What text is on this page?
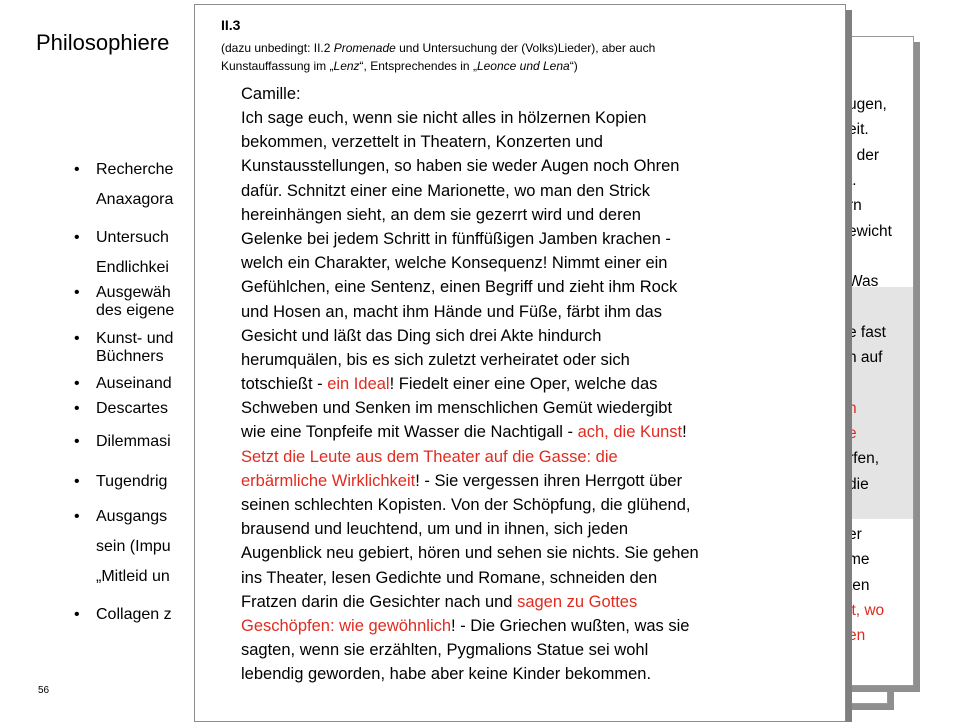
Philosophiere
• Recherche
Anaxagora
• Untersuch
Endlichkei
• Ausgewäh
des eigene
• Kunst- und
Büchners
• Auseinand
• Descartes
• Dilemmasi
• Tugendrig
• Ausgangs
sein (Impu
„Mitleid un
• Collagen z
56
ugen,
eit.
; der
t.
rn
ewicht
Was
e fast
n auf
n
e
rfen,
die
er
me
ten
it, wo
en
II.3
(dazu unbedingt: II.2 Promenade und Untersuchung der (Volks)Lieder), aber auch
Kunstauffassung im „Lenz“, Entsprechendes in „Leonce und Lena“)
Camille:
Ich sage euch, wenn sie nicht alles in hölzernen Kopien
bekommen, verzettelt in Theatern, Konzerten und
Kunstausstellungen, so haben sie weder Augen noch Ohren
dafür. Schnitzt einer eine Marionette, wo man den Strick
hereinhängen sieht, an dem sie gezerrt wird und deren
Gelenke bei jedem Schritt in fünffüßigen Jamben krachen -
welch ein Charakter, welche Konsequenz! Nimmt einer ein
Gefühlchen, eine Sentenz, einen Begriff und zieht ihm Rock
und Hosen an, macht ihm Hände und Füße, färbt ihm das
Gesicht und läßt das Ding sich drei Akte hindurch
herumquälen, bis es sich zuletzt verheiratet oder sich
totschießt - ein Ideal! Fiedelt einer eine Oper, welche das
Schweben und Senken im menschlichen Gemüt wiedergibt
wie eine Tonpfeife mit Wasser die Nachtigall - ach, die Kunst!
Setzt die Leute aus dem Theater auf die Gasse: die
erbärmliche Wirklichkeit! - Sie vergessen ihren Herrgott über
seinen schlechten Kopisten. Von der Schöpfung, die glühend,
brausend und leuchtend, um und in ihnen, sich jeden
Augenblick neu gebiert, hören und sehen sie nichts. Sie gehen
ins Theater, lesen Gedichte und Romane, schneiden den
Fratzen darin die Gesichter nach und sagen zu Gottes
Geschöpfen: wie gewöhnlich! - Die Griechen wußten, was sie
sagten, wenn sie erzählten, Pygmalions Statue sei wohl
lebendig geworden, habe aber keine Kinder bekommen.
